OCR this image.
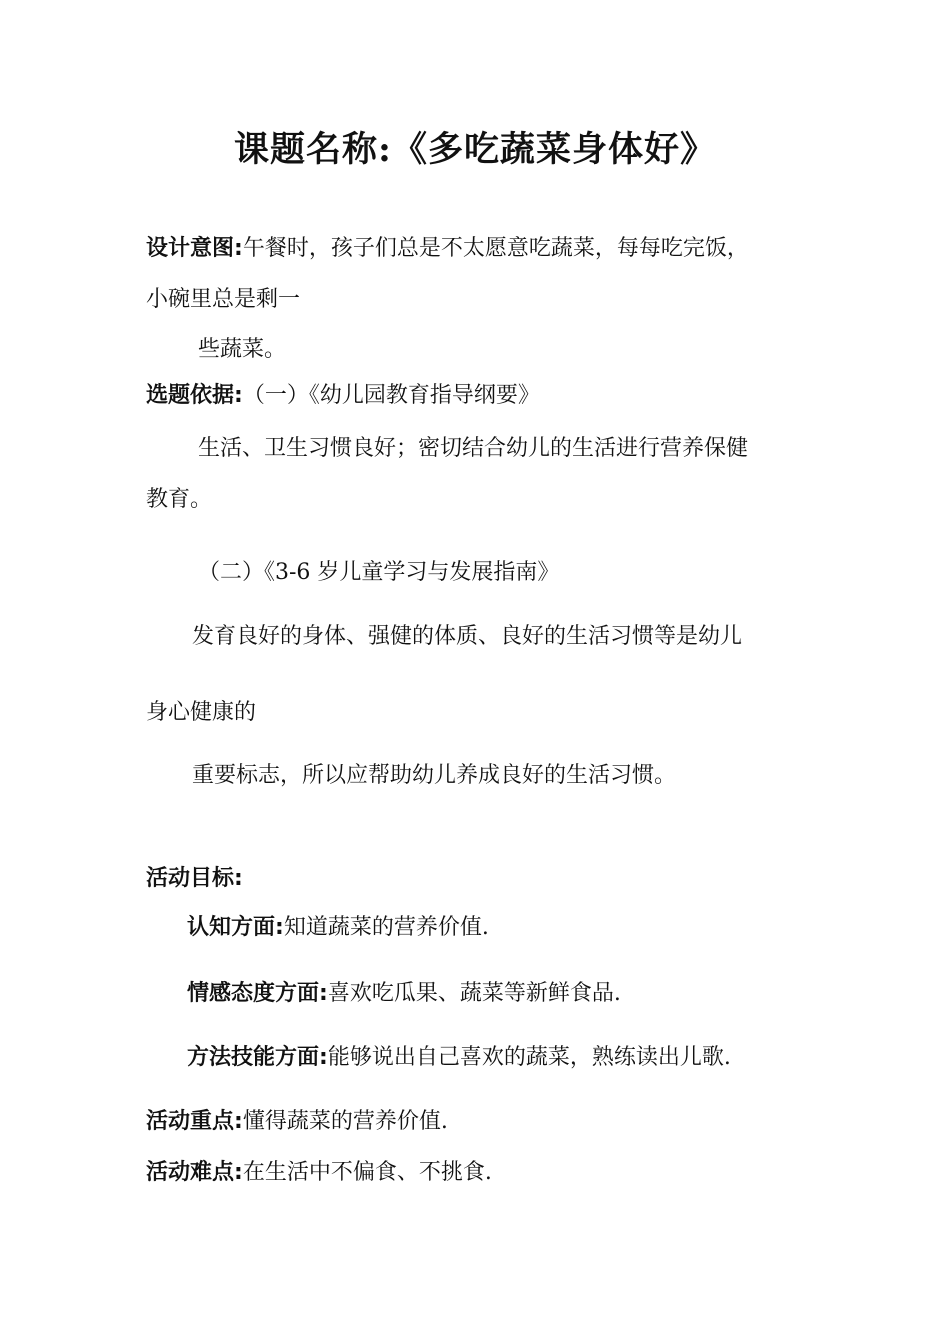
课题名称:《多吃蔬菜身体好》
设计意图:午餐时，孩子们总是不太愿意吃蔬菜，每每吃完饭，
小碗里总是剩一
些蔬菜。
选题依据:（一）《幼儿园教育指导纲要》
生活、卫生习惯良好；密切结合幼儿的生活进行营养保健
教育。
（二）《3-6 岁儿童学习与发展指南》
发育良好的身体、强健的体质、良好的生活习惯等是幼儿
身心健康的
重要标志，所以应帮助幼儿养成良好的生活习惯。
活动目标:
认知方面:知道蔬菜的营养价值.
情感态度方面:喜欢吃瓜果、蔬菜等新鲜食品.
方法技能方面:能够说出自己喜欢的蔬菜，熟练读出儿歌.
活动重点:懂得蔬菜的营养价值.
活动难点:在生活中不偏食、不挑食.
